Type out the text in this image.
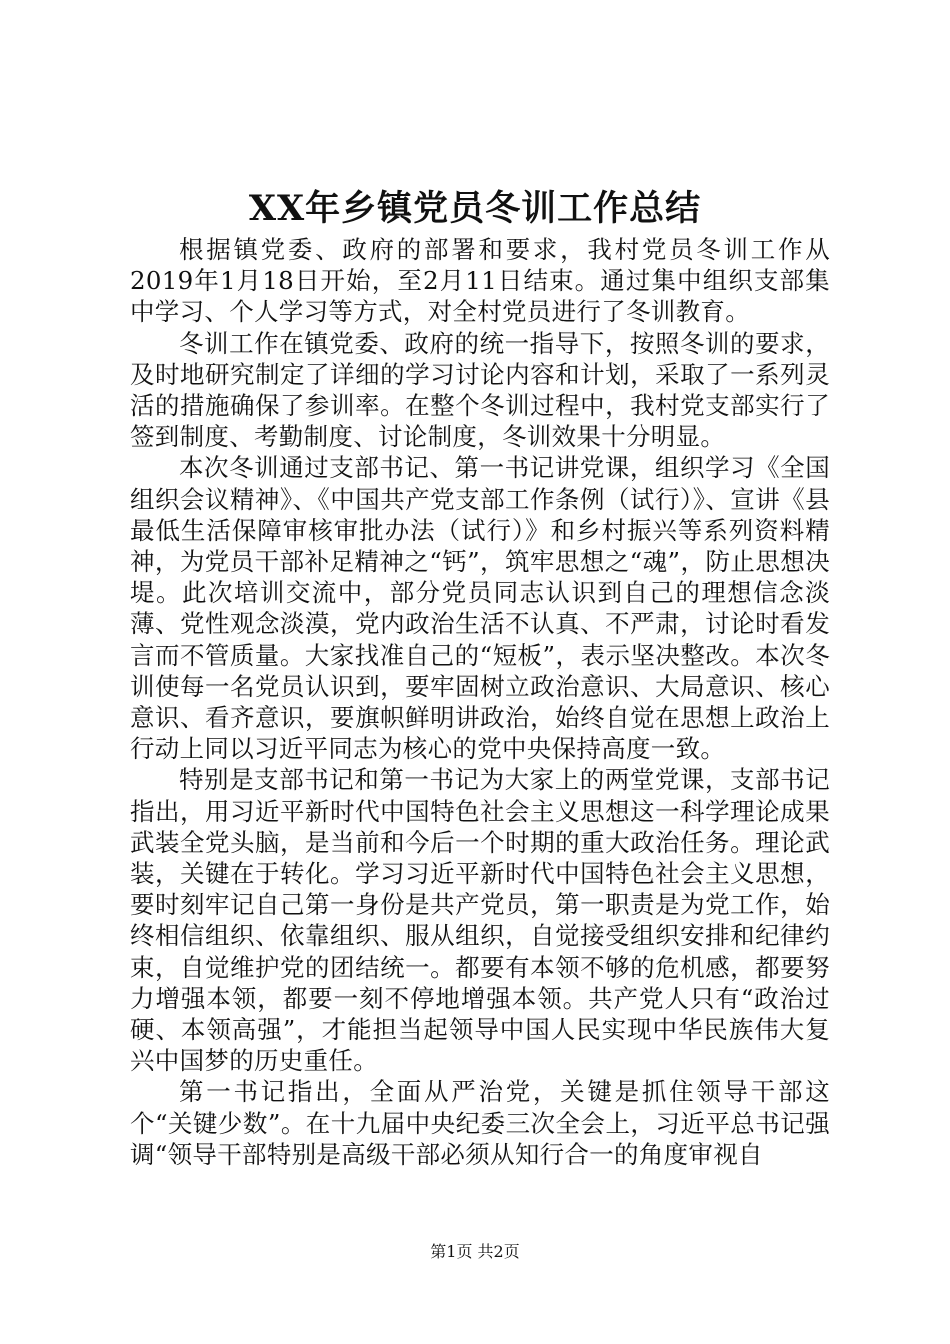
XX年乡镇党员冬训工作总结

根据镇党委、政府的部署和要求，我村党员冬训工作从2019年1月18日开始，至2月11日结束。通过集中组织支部集中学习、个人学习等方式，对全村党员进行了冬训教育。

冬训工作在镇党委、政府的统一指导下，按照冬训的要求，及时地研究制定了详细的学习讨论内容和计划，采取了一系列灵活的措施确保了参训率。在整个冬训过程中，我村党支部实行了签到制度、考勤制度、讨论制度，冬训效果十分明显。

本次冬训通过支部书记、第一书记讲党课，组织学习《全国组织会议精神》、《中国共产党支部工作条例（试行）》、宣讲《县最低生活保障审核审批办法（试行）》和乡村振兴等系列资料精神，为党员干部补足精神之“钙”，筑牢思想之“魂”，防止思想决堤。此次培训交流中，部分党员同志认识到自己的理想信念淡薄、党性观念淡漠，党内政治生活不认真、不严肃，讨论时看发言而不管质量。大家找准自己的“短板”，表示坚决整改。本次冬训使每一名党员认识到，要牢固树立政治意识、大局意识、核心意识、看齐意识，要旗帜鲜明讲政治，始终自觉在思想上政治上行动上同以习近平同志为核心的党中央保持高度一致。

特别是支部书记和第一书记为大家上的两堂党课，支部书记指出，用习近平新时代中国特色社会主义思想这一科学理论成果武装全党头脑，是当前和今后一个时期的重大政治任务。理论武装，关键在于转化。学习习近平新时代中国特色社会主义思想，要时刻牢记自己第一身份是共产党员，第一职责是为党工作，始终相信组织、依靠组织、服从组织，自觉接受组织安排和纪律约束，自觉维护党的团结统一。都要有本领不够的危机感，都要努力增强本领，都要一刻不停地增强本领。共产党人只有“政治过硬、本领高强”，才能担当起领导中国人民实现中华民族伟大复兴中国梦的历史重任。

第一书记指出，全面从严治党，关键是抓住领导干部这个“关键少数”。在十九届中央纪委三次全会上，习近平总书记强调“领导干部特别是高级干部必须从知行合一的角度审视自

第1页 共2页
